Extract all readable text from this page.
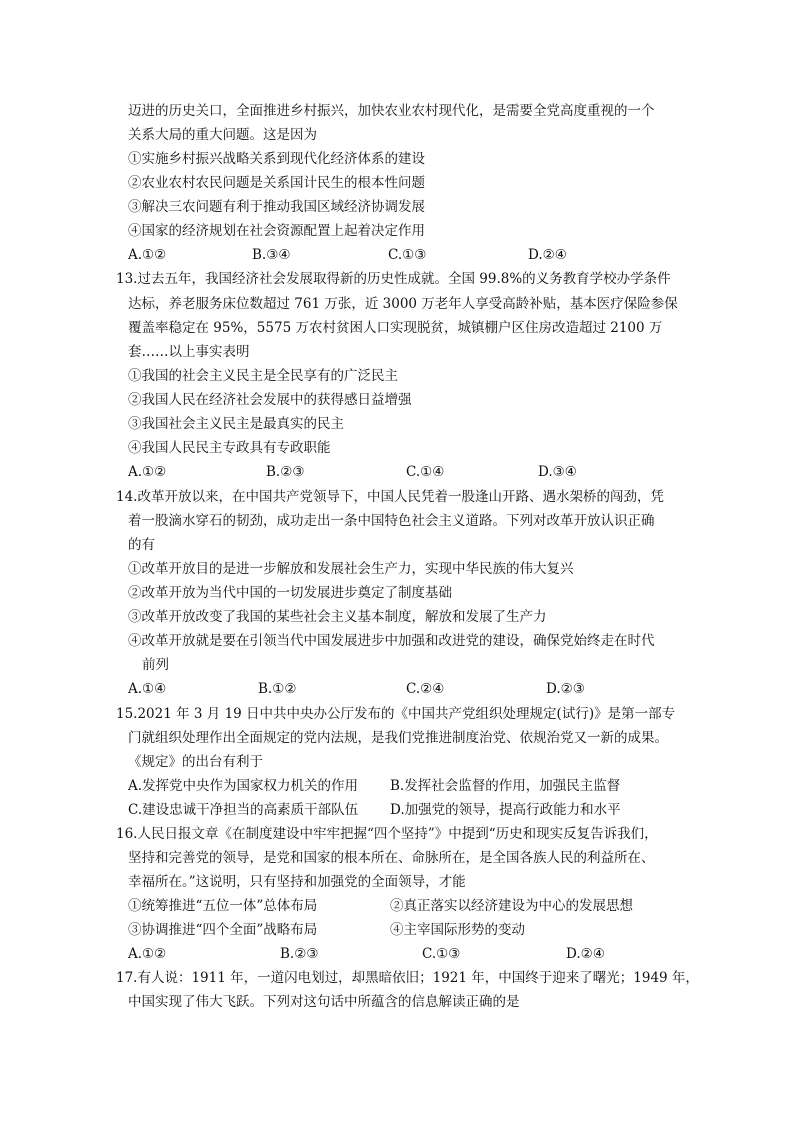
迈进的历史关口，全面推进乡村振兴，加快农业农村现代化，是需要全党高度重视的一个
关系大局的重大问题。这是因为
①实施乡村振兴战略关系到现代化经济体系的建设
②农业农村农民问题是关系国计民生的根本性问题
③解决三农问题有利于推动我国区域经济协调发展
④国家的经济规划在社会资源配置上起着决定作用
A.①②	B.③④	C.①③	D.②④
13.过去五年，我国经济社会发展取得新的历史性成就。全国 99.8%的义务教育学校办学条件
达标，养老服务床位数超过 761 万张，近 3000 万老年人享受高龄补贴，基本医疗保险参保
覆盖率稳定在 95%，5575 万农村贫困人口实现脱贫，城镇棚户区住房改造超过 2100 万
套……以上事实表明
①我国的社会主义民主是全民享有的广泛民主
②我国人民在经济社会发展中的获得感日益增强
③我国社会主义民主是最真实的民主
④我国人民民主专政具有专政职能
A.①②	B.②③	C.①④	D.③④
14.改革开放以来，在中国共产党领导下，中国人民凭着一股逢山开路、遇水架桥的闯劲，凭
着一股滴水穿石的韧劲，成功走出一条中国特色社会主义道路。下列对改革开放认识正确
的有
①改革开放目的是进一步解放和发展社会生产力，实现中华民族的伟大复兴
②改革开放为当代中国的一切发展进步奠定了制度基础
③改革开放改变了我国的某些社会主义基本制度，解放和发展了生产力
④改革开放就是要在引领当代中国发展进步中加强和改进党的建设，确保党始终走在时代
前列
A.①④	B.①②	C.②④	D.②③
15.2021 年 3 月 19 日中共中央办公厅发布的《中国共产党组织处理规定(试行)》是第一部专
门就组织处理作出全面规定的党内法规，是我们党推进制度治党、依规治党又一新的成果。
《规定》的出台有利于
A.发挥党中央作为国家权力机关的作用 B.发挥社会监督的作用，加强民主监督
C.建设忠诚干净担当的高素质干部队伍 D.加强党的领导，提高行政能力和水平
16.人民日报文章《在制度建设中牢牢把握“四个坚持”》中提到“历史和现实反复告诉我们，
坚持和完善党的领导，是党和国家的根本所在、命脉所在，是全国各族人民的利益所在、
幸福所在。”这说明，只有坚持和加强党的全面领导，才能
①统筹推进“五位一体”总体布局	②真正落实以经济建设为中心的发展思想
③协调推进“四个全面”战略布局	④主宰国际形势的变动
A.①②	B.②③	C.①③	D.②④
17.有人说：1911 年，一道闪电划过，却黑暗依旧；1921 年，中国终于迎来了曙光；1949 年，
中国实现了伟大飞跃。下列对这句话中所蕴含的信息解读正确的是
